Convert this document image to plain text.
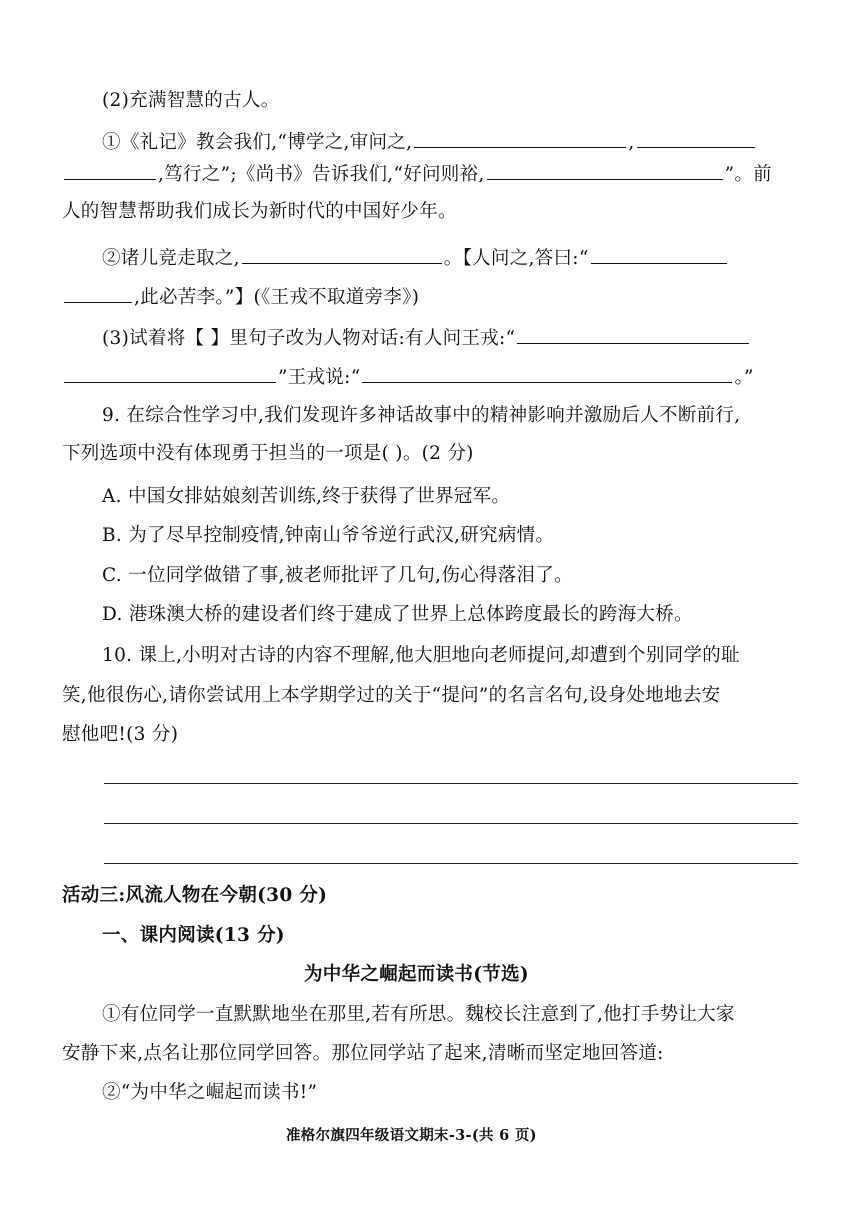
(2)充满智慧的古人。
①《礼记》教会我们,“博学之,审问之,	,
,笃行之”;《尚书》告诉我们,“好问则裕,	”。前
人的智慧帮助我们成长为新时代的中国好少年。
②诸儿竞走取之,	。【人问之,答曰:“
,此必苦李。”】(《王戎不取道旁李》)
(3)试着将【 】里句子改为人物对话:有人问王戎:“
”王戎说:“	。”
9. 在综合性学习中,我们发现许多神话故事中的精神影响并激励后人不断前行,
下列选项中没有体现勇于担当的一项是( )。(2 分)
A. 中国女排姑娘刻苦训练,终于获得了世界冠军。
B. 为了尽早控制疫情,钟南山爷爷逆行武汉,研究病情。
C. 一位同学做错了事,被老师批评了几句,伤心得落泪了。
D. 港珠澳大桥的建设者们终于建成了世界上总体跨度最长的跨海大桥。
10. 课上,小明对古诗的内容不理解,他大胆地向老师提问,却遭到个别同学的耻
笑,他很伤心,请你尝试用上本学期学过的关于“提问”的名言名句,设身处地地去安
慰他吧!(3 分)
活动三:风流人物在今朝(30 分)
一、课内阅读(13 分)
为中华之崛起而读书(节选)
①有位同学一直默默地坐在那里,若有所思。魏校长注意到了,他打手势让大家
安静下来,点名让那位同学回答。那位同学站了起来,清晰而坚定地回答道:
②“为中华之崛起而读书!”
准格尔旗四年级语文期末-3-(共 6 页)
